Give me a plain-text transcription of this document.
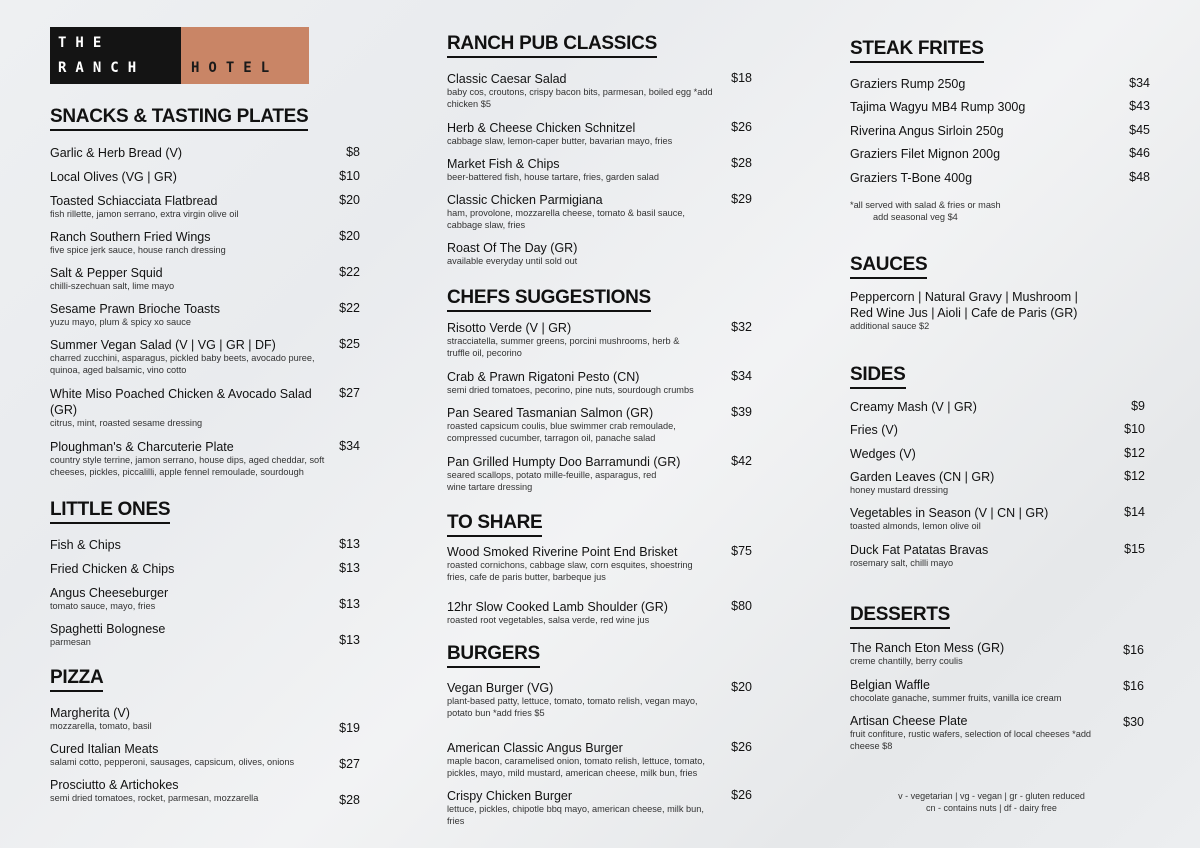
THE
RANCH	HOTEL
SNACKS & TASTING PLATES
Garlic & Herb Bread (V)	$8
Local Olives (VG | GR)	$10
Toasted Schiacciata Flatbread
fish rillette, jamon serrano, extra virgin olive oil
$20
Ranch Southern Fried Wings
five spice jerk sauce, house ranch dressing
$20
Salt & Pepper Squid
chilli-szechuan salt, lime mayo
$22
Sesame Prawn Brioche Toasts
yuzu mayo, plum & spicy xo sauce
$22
Summer Vegan Salad (V | VG | GR | DF)
charred zucchini, asparagus, pickled baby beets, avocado puree, quinoa, aged balsamic, vino cotto
$25
White Miso Poached Chicken & Avocado Salad (GR)
citrus, mint, roasted sesame dressing
$27
Ploughman's & Charcuterie Plate
country style terrine, jamon serrano, house dips, aged cheddar, soft cheeses, pickles, piccalilli, apple fennel remoulade, sourdough
$34
LITTLE ONES
Fish & Chips	$13
Fried Chicken & Chips	$13
Angus Cheeseburger
tomato sauce, mayo, fries	$13
Spaghetti Bolognese
parmesan	$13
PIZZA
Margherita (V)
mozzarella, tomato, basil	$19
Cured Italian Meats
salami cotto, pepperoni, sausages, capsicum, olives, onions	$27
Prosciutto & Artichokes
semi dried tomatoes, rocket, parmesan, mozzarella	$28
RANCH PUB CLASSICS
Classic Caesar Salad
baby cos, croutons, crispy bacon bits, parmesan, boiled egg *add chicken $5
$18
Herb & Cheese Chicken Schnitzel
cabbage slaw, lemon-caper butter, bavarian mayo, fries
$26
Market Fish & Chips
beer-battered fish, house tartare, fries, garden salad
$28
Classic Chicken Parmigiana
ham, provolone, mozzarella cheese, tomato & basil sauce, cabbage slaw, fries
$29
Roast Of The Day (GR)
available everyday until sold out
CHEFS SUGGESTIONS
Risotto Verde (V | GR)
stracciatella, summer greens, porcini mushrooms, herb & truffle oil, pecorino
$32
Crab & Prawn Rigatoni Pesto (CN)
semi dried tomatoes, pecorino, pine nuts, sourdough crumbs
$34
Pan Seared Tasmanian Salmon (GR)
roasted capsicum coulis, blue swimmer crab remoulade, compressed cucumber, tarragon oil, panache salad
$39
Pan Grilled Humpty Doo Barramundi (GR)
seared scallops, potato mille-feuille, asparagus, red wine tartare dressing
$42
TO SHARE
Wood Smoked Riverine Point End Brisket
roasted cornichons, cabbage slaw, corn esquites, shoestring fries, cafe de paris butter, barbeque jus
$75
12hr Slow Cooked Lamb Shoulder (GR)
roasted root vegetables, salsa verde, red wine jus
$80
BURGERS
Vegan Burger (VG)
plant-based patty, lettuce, tomato, tomato relish, vegan mayo, potato bun *add fries $5
$20
American Classic Angus Burger
maple bacon, caramelised onion, tomato relish, lettuce, tomato, pickles, mayo, mild mustard, american cheese, milk bun, fries
$26
Crispy Chicken Burger
lettuce, pickles, chipotle bbq mayo, american cheese, milk bun, fries
$26
STEAK FRITES
Graziers Rump 250g	$34
Tajima Wagyu MB4 Rump 300g	$43
Riverina Angus Sirloin 250g	$45
Graziers Filet Mignon 200g	$46
Graziers T-Bone 400g	$48
*all served with salad & fries or mash
add seasonal veg $4
SAUCES
Peppercorn | Natural Gravy | Mushroom |
Red Wine Jus | Aioli | Cafe de Paris (GR)
additional sauce $2
SIDES
Creamy Mash (V | GR)	$9
Fries (V)	$10
Wedges (V)	$12
Garden Leaves (CN | GR)
honey mustard dressing
$12
Vegetables in Season (V | CN | GR)
toasted almonds, lemon olive oil
$14
Duck Fat Patatas Bravas
rosemary salt, chilli mayo
$15
DESSERTS
The Ranch Eton Mess (GR)
creme chantilly, berry coulis
$16
Belgian Waffle
chocolate ganache, summer fruits, vanilla ice cream
$16
Artisan Cheese Plate
fruit confiture, rustic wafers, selection of local cheeses *add cheese $8
$30
v - vegetarian | vg - vegan | gr - gluten reduced
cn - contains nuts | df - dairy free
